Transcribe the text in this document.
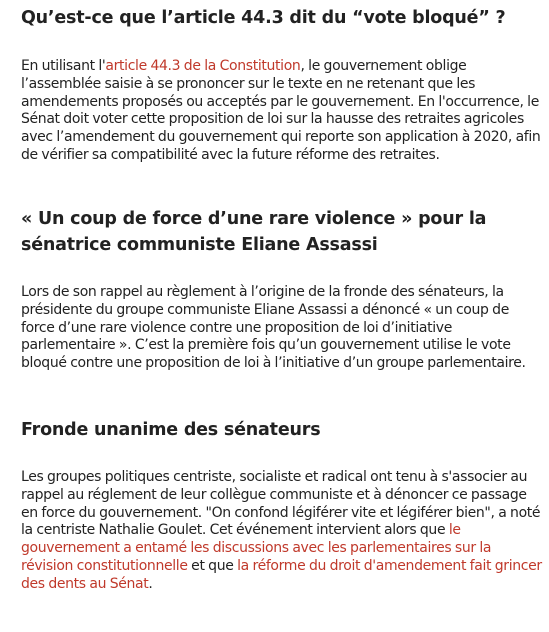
Qu’est-ce que l’article 44.3 dit du “vote bloqué” ?

En utilisant l'article 44.3 de la Constitution, le gouvernement oblige l’assemblée saisie à se prononcer sur le texte en ne retenant que les amendements proposés ou acceptés par le gouvernement. En l'occurrence, le Sénat doit voter cette proposition de loi sur la hausse des retraites agricoles avec l’amendement du gouvernement qui reporte son application à 2020, afin de vérifier sa compatibilité avec la future réforme des retraites.

« Un coup de force d’une rare violence » pour la sénatrice communiste Eliane Assassi

Lors de son rappel au règlement à l’origine de la fronde des sénateurs, la présidente du groupe communiste Eliane Assassi a dénoncé « un coup de force d’une rare violence contre une proposition de loi d’initiative parlementaire ». C’est la première fois qu’un gouvernement utilise le vote bloqué contre une proposition de loi à l’initiative d’un groupe parlementaire.

Fronde unanime des sénateurs

Les groupes politiques centriste, socialiste et radical ont tenu à s'associer au rappel au réglement de leur collègue communiste et à dénoncer ce passage en force du gouvernement. "On confond légiférer vite et légiférer bien", a noté la centriste Nathalie Goulet. Cet événement intervient alors que le gouvernement a entamé les discussions avec les parlementaires sur la révision constitutionnelle et que la réforme du droit d'amendement fait grincer des dents au Sénat.
